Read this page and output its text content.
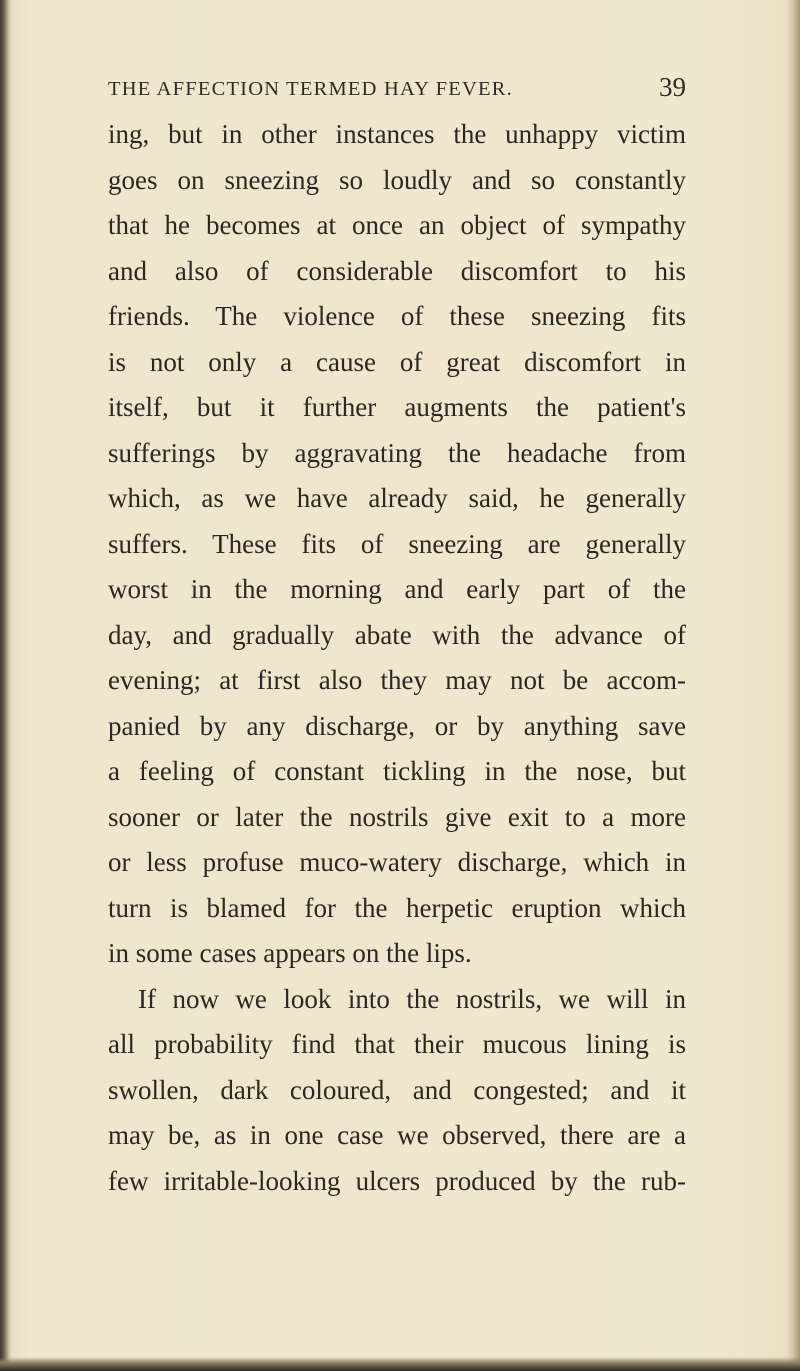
THE AFFECTION TERMED HAY FEVER.	39
ing, but in other instances the unhappy victim
goes on sneezing so loudly and so constantly
that he becomes at once an object of sympathy
and also of considerable discomfort to his
friends. The violence of these sneezing fits
is not only a cause of great discomfort in
itself, but it further augments the patient's
sufferings by aggravating the headache from
which, as we have already said, he generally
suffers. These fits of sneezing are generally
worst in the morning and early part of the
day, and gradually abate with the advance of
evening; at first also they may not be accom-
panied by any discharge, or by anything save
a feeling of constant tickling in the nose, but
sooner or later the nostrils give exit to a more
or less profuse muco-watery discharge, which in
turn is blamed for the herpetic eruption which
in some cases appears on the lips.
If now we look into the nostrils, we will in
all probability find that their mucous lining is
swollen, dark coloured, and congested; and it
may be, as in one case we observed, there are a
few irritable-looking ulcers produced by the rub-
